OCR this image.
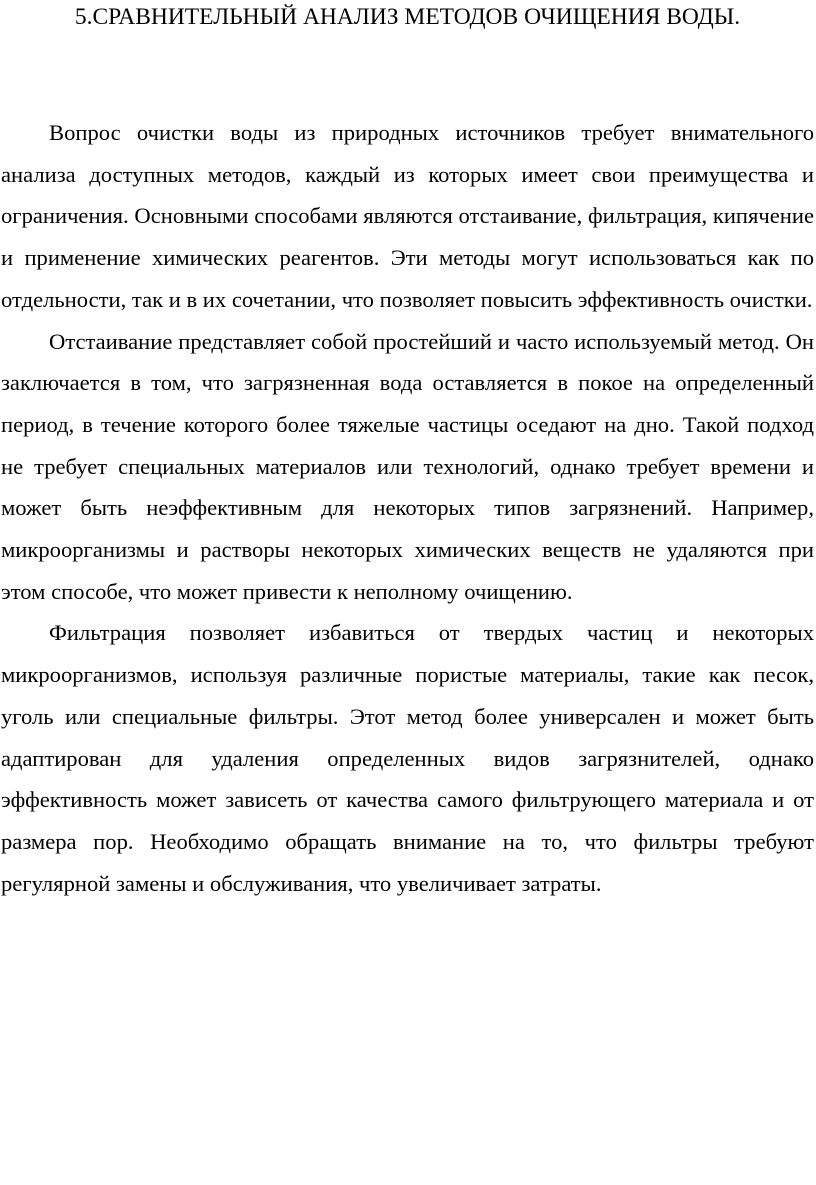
5.СРАВНИТЕЛЬНЫЙ АНАЛИЗ МЕТОДОВ ОЧИЩЕНИЯ ВОДЫ.

Вопрос очистки воды из природных источников требует внимательного анализа доступных методов, каждый из которых имеет свои преимущества и ограничения. Основными способами являются отстаивание, фильтрация, кипячение и применение химических реагентов. Эти методы могут использоваться как по отдельности, так и в их сочетании, что позволяет повысить эффективность очистки.

Отстаивание представляет собой простейший и часто используемый метод. Он заключается в том, что загрязненная вода оставляется в покое на определенный период, в течение которого более тяжелые частицы оседают на дно. Такой подход не требует специальных материалов или технологий, однако требует времени и может быть неэффективным для некоторых типов загрязнений. Например, микроорганизмы и растворы некоторых химических веществ не удаляются при этом способе, что может привести к неполному очищению.

Фильтрация позволяет избавиться от твердых частиц и некоторых микроорганизмов, используя различные пористые материалы, такие как песок, уголь или специальные фильтры. Этот метод более универсален и может быть адаптирован для удаления определенных видов загрязнителей, однако эффективность может зависеть от качества самого фильтрующего материала и от размера пор. Необходимо обращать внимание на то, что фильтры требуют регулярной замены и обслуживания, что увеличивает затраты.
